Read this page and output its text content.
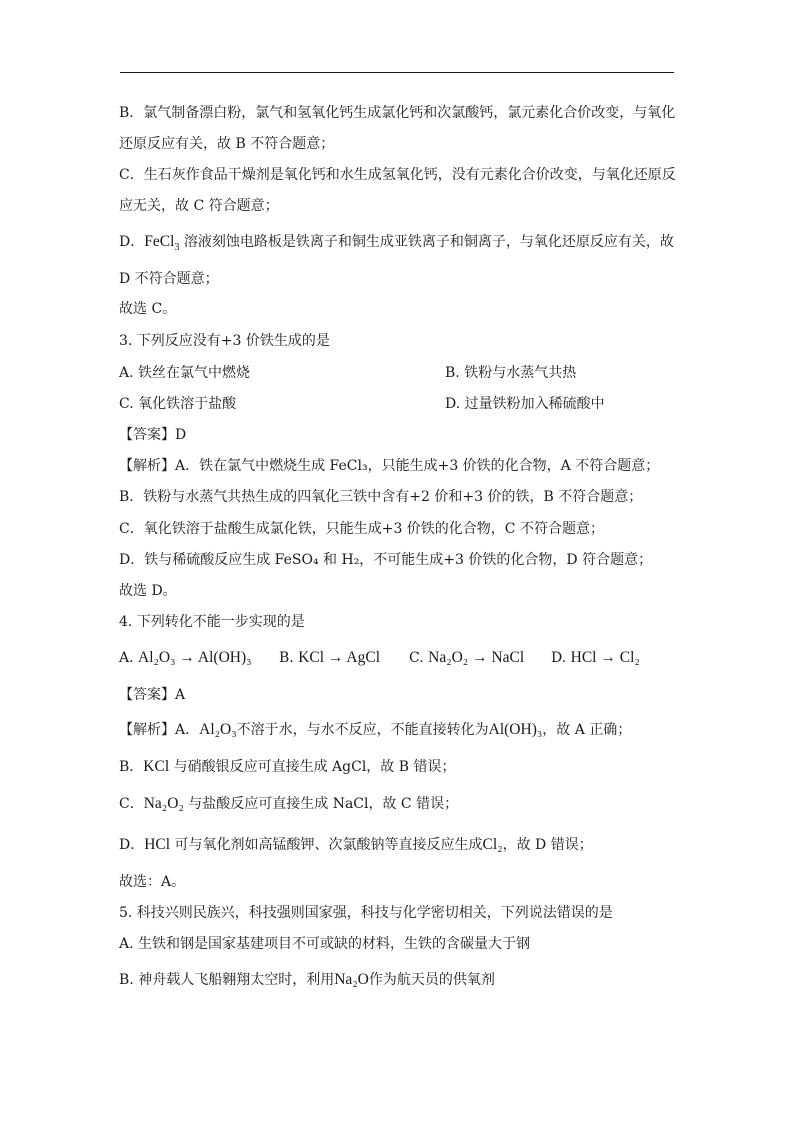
B．氯气制备漂白粉，氯气和氢氧化钙生成氯化钙和次氯酸钙，氯元素化合价改变，与氧化
还原反应有关，故 B 不符合题意；
C．生石灰作食品干燥剂是氧化钙和水生成氢氧化钙，没有元素化合价改变，与氧化还原反
应无关，故 C 符合题意；
D．FeCl$_3$ 溶液刻蚀电路板是铁离子和铜生成亚铁离子和铜离子，与氧化还原反应有关，故
D 不符合题意；
故选 C。
3. 下列反应没有+3 价铁生成的是
A. 铁丝在氯气中燃烧	B. 铁粉与水蒸气共热
C. 氧化铁溶于盐酸	D. 过量铁粉加入稀硫酸中
【答案】D
【解析】A．铁在氯气中燃烧生成 FeCl₃，只能生成+3 价铁的化合物，A 不符合题意；
B．铁粉与水蒸气共热生成的四氧化三铁中含有+2 价和+3 价的铁，B 不符合题意；
C．氧化铁溶于盐酸生成氯化铁，只能生成+3 价铁的化合物，C 不符合题意；
D．铁与稀硫酸反应生成 FeSO₄ 和 H₂，不可能生成+3 价铁的化合物，D 符合题意；
故选 D。
4. 下列转化不能一步实现的是
A. Al₂O₃ → Al(OH)₃ B. KCl → AgCl C. Na₂O₂ → NaCl D. HCl → Cl₂
【答案】A
【解析】A．Al₂O₃不溶于水，与水不反应，不能直接转化为Al(OH)₃，故 A 正确；
B．KCl 与硝酸银反应可直接生成 AgCl，故 B 错误；
C．Na₂O₂ 与盐酸反应可直接生成 NaCl，故 C 错误；
D．HCl 可与氧化剂如高锰酸钾、次氯酸钠等直接反应生成Cl₂，故 D 错误；
故选：A。
5. 科技兴则民族兴，科技强则国家强，科技与化学密切相关，下列说法错误的是
A. 生铁和钢是国家基建项目不可或缺的材料，生铁的含碳量大于钢
B. 神舟载人飞船翱翔太空时，利用Na₂O作为航天员的供氧剂
